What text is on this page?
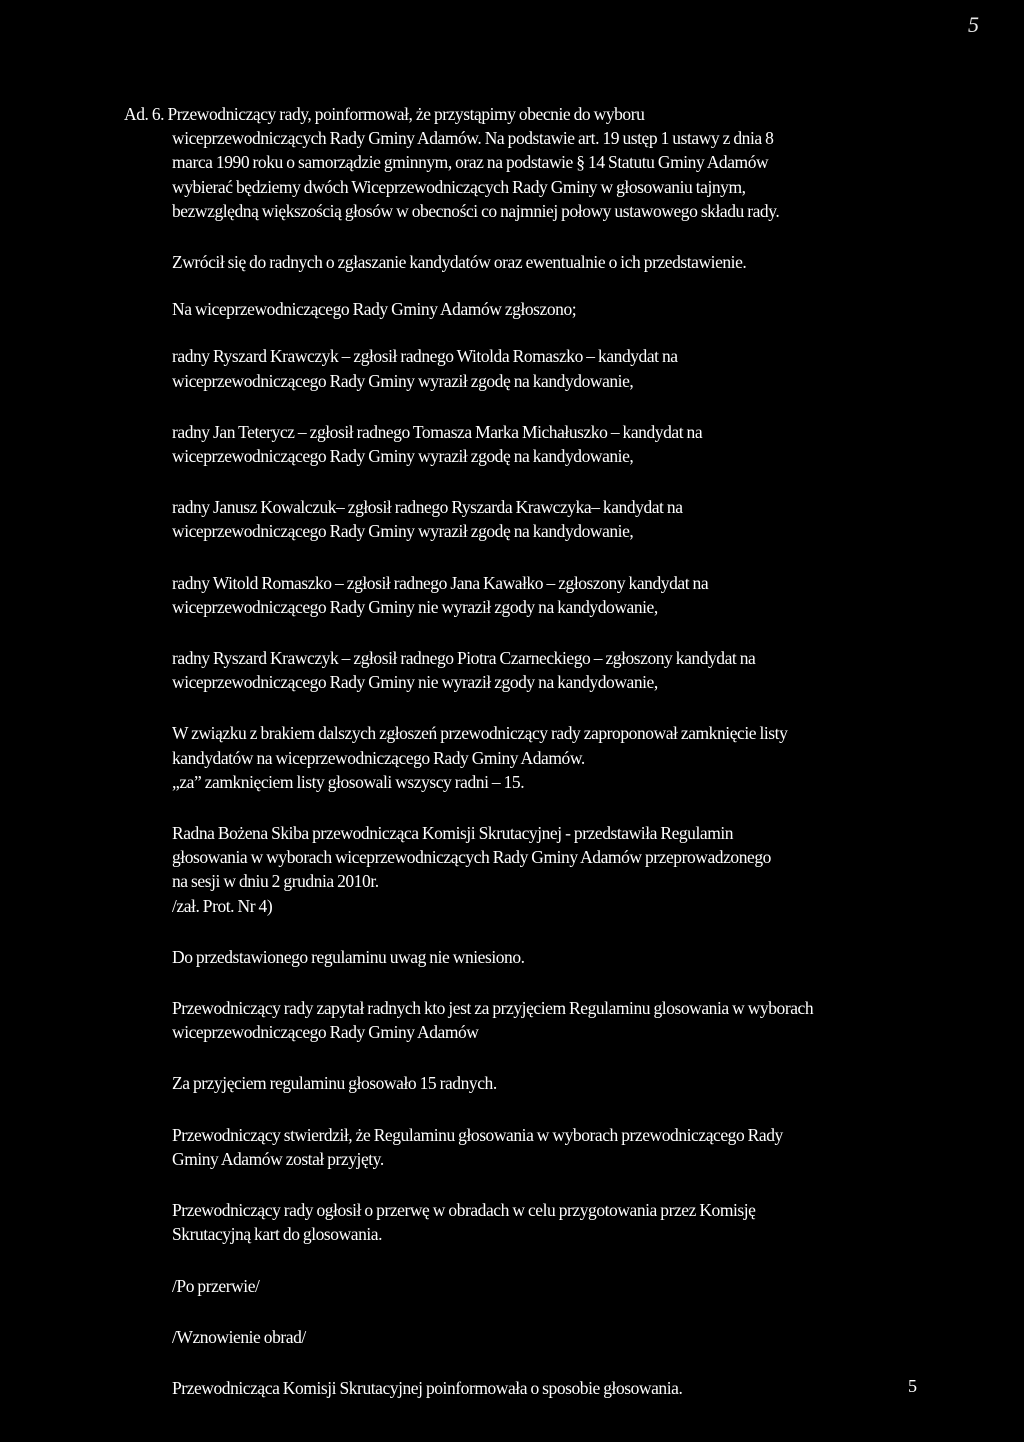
5

Ad. 6. Przewodniczący rady, poinformował, że przystąpimy obecnie do wyboru
wiceprzewodniczących Rady Gminy Adamów. Na podstawie art. 19 ustęp 1 ustawy z dnia 8
marca 1990 roku o samorządzie gminnym, oraz na podstawie § 14 Statutu Gminy Adamów
wybierać będziemy dwóch Wiceprzewodniczących Rady Gminy w głosowaniu tajnym,
bezwzględną większością głosów w obecności co najmniej połowy ustawowego składu rady.

Zwrócił się do radnych o zgłaszanie kandydatów oraz ewentualnie o ich przedstawienie.

Na wiceprzewodniczącego Rady Gminy Adamów zgłoszono;

radny Ryszard Krawczyk – zgłosił radnego Witolda Romaszko – kandydat na
wiceprzewodniczącego Rady Gminy wyraził zgodę na kandydowanie,

radny Jan Teterycz – zgłosił radnego Tomasza Marka Michałuszko – kandydat na
wiceprzewodniczącego Rady Gminy wyraził zgodę na kandydowanie,

radny Janusz Kowalczuk– zgłosił radnego Ryszarda Krawczyka– kandydat na
wiceprzewodniczącego Rady Gminy wyraził zgodę na kandydowanie,

radny Witold Romaszko – zgłosił radnego Jana Kawałko – zgłoszony kandydat na
wiceprzewodniczącego Rady Gminy nie wyraził zgody na kandydowanie,

radny Ryszard Krawczyk – zgłosił radnego Piotra Czarneckiego – zgłoszony kandydat na
wiceprzewodniczącego Rady Gminy nie wyraził zgody na kandydowanie,

W związku z brakiem dalszych zgłoszeń przewodniczący rady zaproponował zamknięcie listy
kandydatów na wiceprzewodniczącego Rady Gminy Adamów.
„za” zamknięciem listy głosowali wszyscy radni – 15.

Radna Bożena Skiba przewodnicząca Komisji Skrutacyjnej - przedstawiła Regulamin
głosowania w wyborach wiceprzewodniczących Rady Gminy Adamów przeprowadzonego
na sesji w dniu 2 grudnia 2010r.
/zał. Prot. Nr 4)

Do przedstawionego regulaminu uwag nie wniesiono.

Przewodniczący rady zapytał radnych kto jest za przyjęciem Regulaminu glosowania w wyborach
wiceprzewodniczącego Rady Gminy Adamów

Za przyjęciem regulaminu głosowało 15 radnych.

Przewodniczący stwierdził, że Regulaminu głosowania w wyborach przewodniczącego Rady
Gminy Adamów został przyjęty.

Przewodniczący rady ogłosił o przerwę w obradach w celu przygotowania przez Komisję
Skrutacyjną kart do glosowania.

/Po przerwie/

/Wznowienie obrad/

Przewodnicząca Komisji Skrutacyjnej poinformowała o sposobie głosowania.	5
